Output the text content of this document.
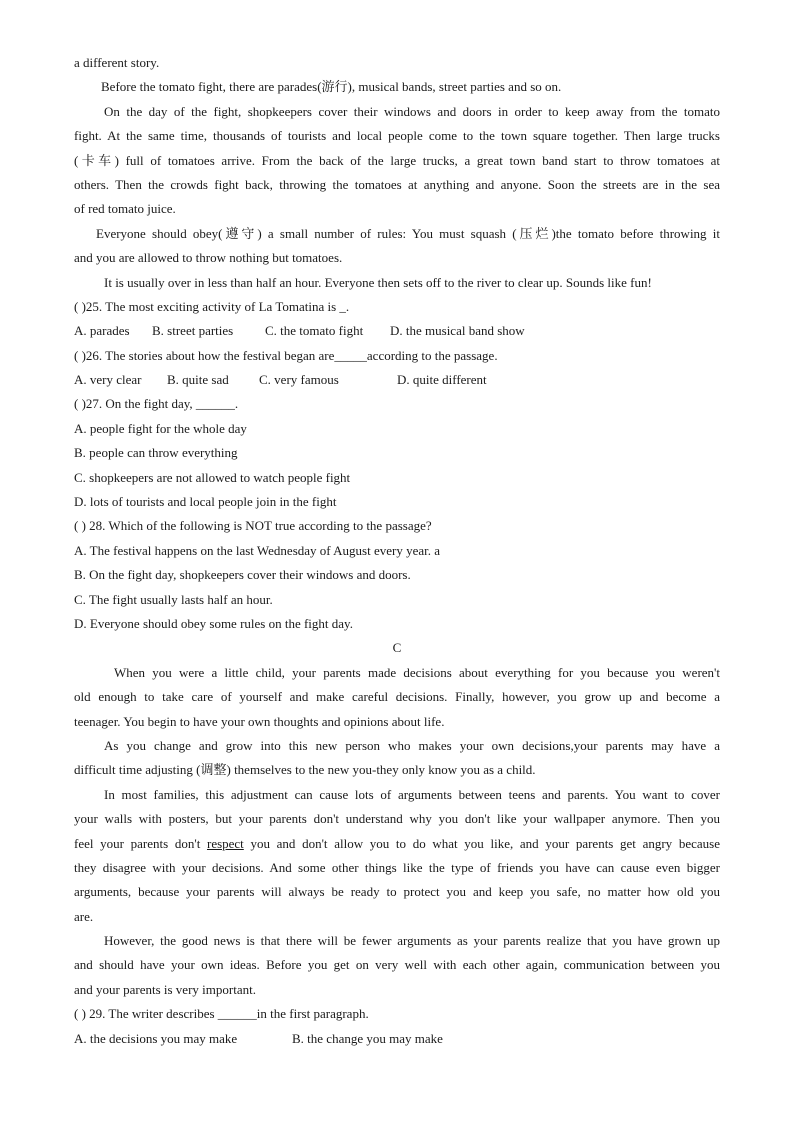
a different story.
Before the tomato fight, there are parades(游行), musical bands, street parties and so on.
On the day of the fight, shopkeepers cover their windows and doors in order to keep away from the tomato
fight. At the same time, thousands of tourists and local people come to the town square together. Then large trucks
(卡车) full of tomatoes arrive. From the back of the large trucks, a great town band start to throw tomatoes at
others. Then the crowds fight back, throwing the tomatoes at anything and anyone. Soon the streets are in the sea
of red tomato juice.
Everyone should obey(遵守) a small number of rules: You must squash (压烂)the tomato before throwing it
and you are allowed to throw nothing but tomatoes.
It is usually over in less than half an hour. Everyone then sets off to the river to clear up. Sounds like fun!
( )25. The most exciting activity of La Tomatina is _.
A. parades B. street parties C. the tomato fight D. the musical band show
( )26. The stories about how the festival began are_____according to the passage.
A. very clear B. quite sad C. very famous	D. quite different
( )27. On the fight day, ______.
A. people fight for the whole day
B. people can throw everything
C. shopkeepers are not allowed to watch people fight
D. lots of tourists and local people join in the fight
( ) 28. Which of the following is NOT true according to the passage?
A. The festival happens on the last Wednesday of August every year. a
B. On the fight day, shopkeepers cover their windows and doors.
C. The fight usually lasts half an hour.
D. Everyone should obey some rules on the fight day.
C
When you were a little child, your parents made decisions about everything for you because you weren't
old enough to take care of yourself and make careful decisions. Finally, however, you grow up and become a
teenager. You begin to have your own thoughts and opinions about life.
As you change and grow into this new person who makes your own decisions,your parents may have a
difficult time adjusting (调整) themselves to the new you-they only know you as a child.
In most families, this adjustment can cause lots of arguments between teens and parents. You want to cover
your walls with posters, but your parents don't understand why you don't like your wallpaper anymore. Then you
feel your parents don't respect you and don't allow you to do what you like, and your parents get angry because
they disagree with your decisions. And some other things like the type of friends you have can cause even bigger
arguments, because your parents will always be ready to protect you and keep you safe, no matter how old you
are.
However, the good news is that there will be fewer arguments as your parents realize that you have grown up
and should have your own ideas. Before you get on very well with each other again, communication between you
and your parents is very important.
( ) 29. The writer describes ______in the first paragraph.
A. the decisions you may make	B. the change you may make
